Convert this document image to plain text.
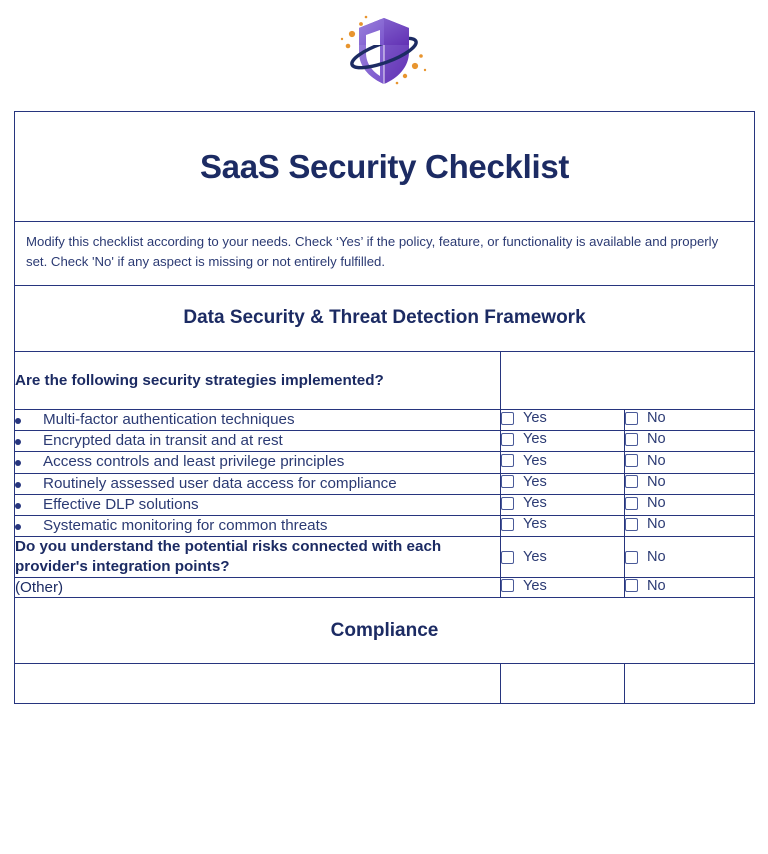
SaaS Security Checklist		

Modify this checklist according to your needs. Check ‘Yes’ if the policy, feature, or functionality is available and properly set. Check 'No' if any aspect is missing or not entirely fulfilled.		

Data Security & Threat Detection Framework		

Are the following security strategies implemented?		

Multi-factor authentication techniques	Yes	No

Encrypted data in transit and at rest	Yes	No

Access controls and least privilege principles	Yes	No

Routinely assessed user data access for compliance	Yes	No

Effective DLP solutions	Yes	No

Systematic monitoring for common threats	Yes	No

Do you understand the potential risks connected with each provider's integration points?	Yes	No

(Other)	Yes	No

Compliance		
